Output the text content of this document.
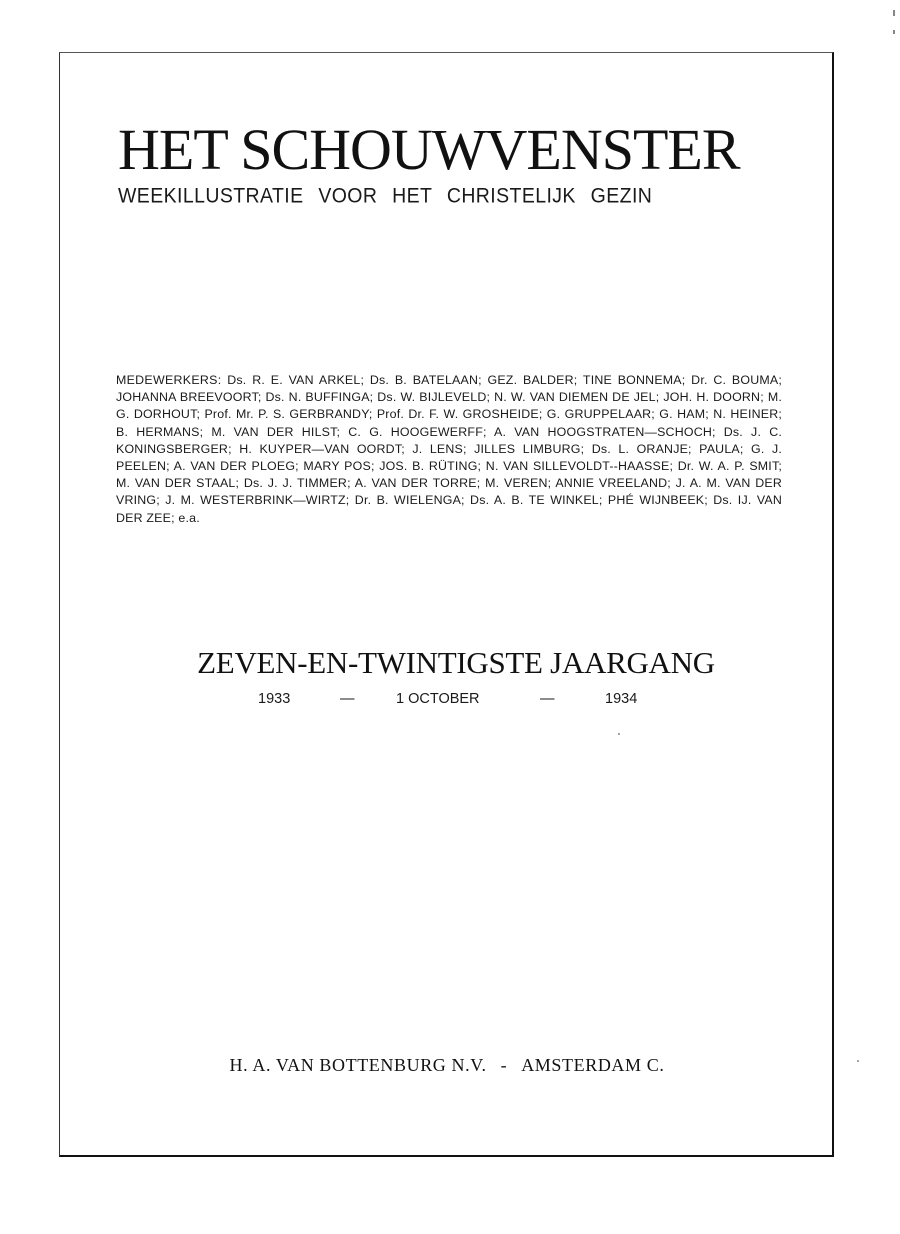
HET SCHOUWVENSTER
WEEKILLUSTRATIE VOOR HET CHRISTELIJK GEZIN
MEDEWERKERS: Ds. R. E. VAN ARKEL; Ds. B. BATELAAN; GEZ. BALDER; TINE BONNEMA; Dr. C. BOUMA; JOHANNA BREEVOORT; Ds. N. BUFFINGA; Ds. W. BIJLEVELD; N. W. VAN DIEMEN DE JEL; JOH. H. DOORN; M. G. DORHOUT; Prof. Mr. P. S. GERBRANDY; Prof. Dr. F. W. GROSHEIDE; G. GRUPPELAAR; G. HAM; N. HEINER; B. HERMANS; M. VAN DER HILST; C. G. HOOGEWERFF; A. VAN HOOGSTRATEN—SCHOCH; Ds. J. C. KONINGSBERGER; H. KUYPER—VAN OORDT; J. LENS; JILLES LIMBURG; Ds. L. ORANJE; PAULA; G. J. PEELEN; A. VAN DER PLOEG; MARY POS; JOS. B. RÜTING; N. VAN SILLEVOLDT--HAASSE; Dr. W. A. P. SMIT; M. VAN DER STAAL; Ds. J. J. TIMMER; A. VAN DER TORRE; M. VEREN; ANNIE VREELAND; J. A. M. VAN DER VRING; J. M. WESTERBRINK—WIRTZ; Dr. B. WIELENGA; Ds. A. B. TE WINKEL; PHÉ WIJNBEEK; Ds. IJ. VAN DER ZEE; e.a.
ZEVEN-EN-TWINTIGSTE JAARGANG
1933	—	1 OCTOBER	—	1934
H. A. VAN BOTTENBURG N.V. - AMSTERDAM C.
